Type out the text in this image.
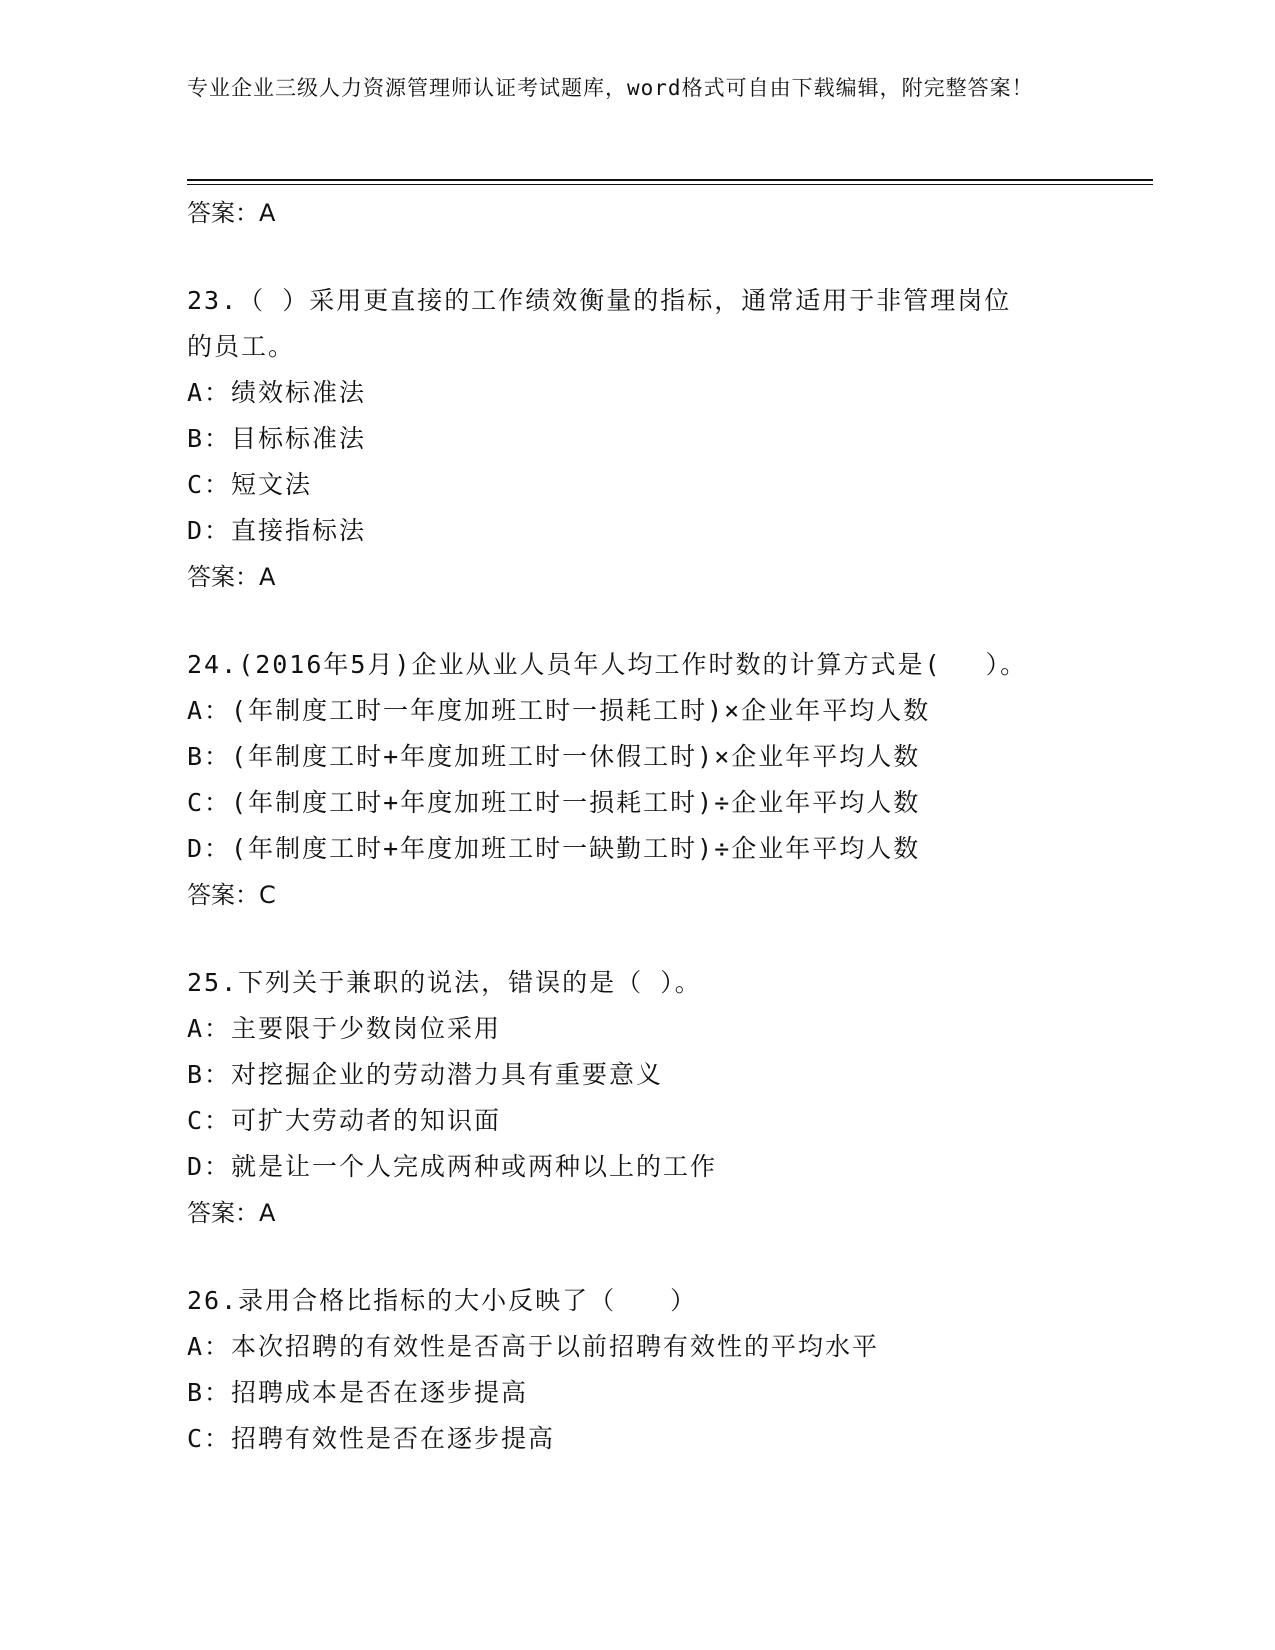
专业企业三级人力资源管理师认证考试题库，word格式可自由下载编辑，附完整答案！
答案：A
23.（ ）采用更直接的工作绩效衡量的指标，通常适用于非管理岗位
的员工。
A：绩效标准法
B：目标标准法
C：短文法
D：直接指标法
答案：A
24.(2016年5月)企业从业人员年人均工作时数的计算方式是(　 ）。
A：(年制度工时一年度加班工时一损耗工时)×企业年平均人数
B：(年制度工时+年度加班工时一休假工时)×企业年平均人数
C：(年制度工时+年度加班工时一损耗工时)÷企业年平均人数
D：(年制度工时+年度加班工时一缺勤工时)÷企业年平均人数
答案：C
25.下列关于兼职的说法，错误的是（ ）。
A：主要限于少数岗位采用
B：对挖掘企业的劳动潜力具有重要意义
C：可扩大劳动者的知识面
D：就是让一个人完成两种或两种以上的工作
答案：A
26.录用合格比指标的大小反映了（　　）
A：本次招聘的有效性是否高于以前招聘有效性的平均水平
B：招聘成本是否在逐步提高
C：招聘有效性是否在逐步提高
